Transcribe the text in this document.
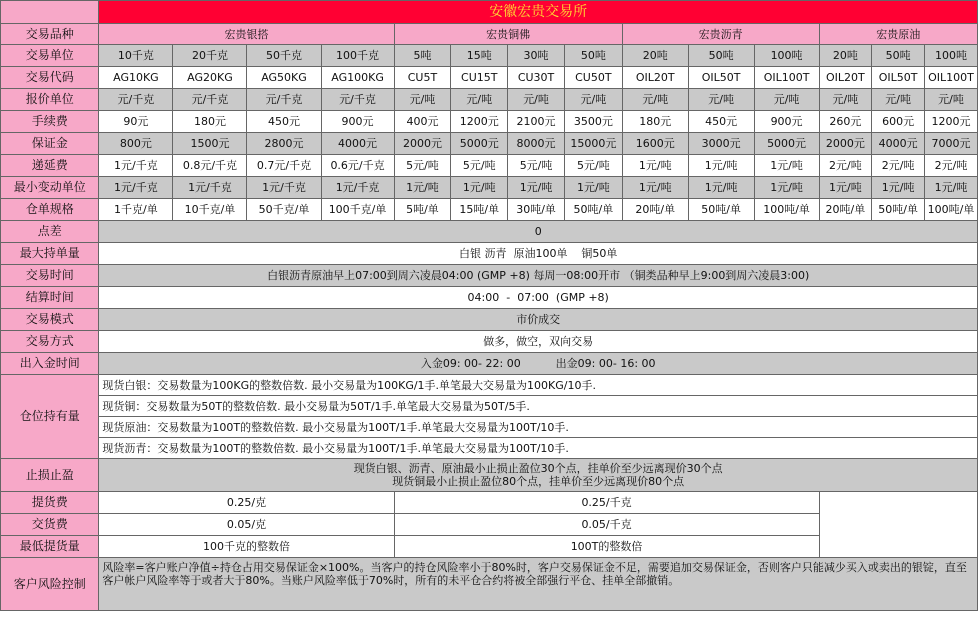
	安徽宏贵交易所													
交易品种	宏贵银搭				宏贵铜佛				宏贵沥青			宏贵原油		
交易单位	10千克	20千克	50千克	100千克	5吨	15吨	30吨	50吨	20吨	50吨	100吨	20吨	50吨	100吨
交易代码	AG10KG	AG20KG	AG50KG	AG100KG	CU5T	CU15T	CU30T	CU50T	OIL20T	OIL50T	OIL100T	OIL20T	OIL50T	OIL100T
报价单位	元/千克	元/千克	元/千克	元/千克	元/吨	元/吨	元/吨	元/吨	元/吨	元/吨	元/吨	元/吨	元/吨	元/吨
手续费	90元	180元	450元	900元	400元	1200元	2100元	3500元	180元	450元	900元	260元	600元	1200元
保证金	800元	1500元	2800元	4000元	2000元	5000元	8000元	15000元	1600元	3000元	5000元	2000元	4000元	7000元
递延费	1元/千克	0.8元/千克	0.7元/千克	0.6元/千克	5元/吨	5元/吨	5元/吨	5元/吨	1元/吨	1元/吨	1元/吨	2元/吨	2元/吨	2元/吨
最小变动单位	1元/千克	1元/千克	1元/千克	1元/千克	1元/吨	1元/吨	1元/吨	1元/吨	1元/吨	1元/吨	1元/吨	1元/吨	1元/吨	1元/吨
仓单规格	1千克/单	10千克/单	50千克/单	100千克/单	5吨/单	15吨/单	30吨/单	50吨/单	20吨/单	50吨/单	100吨/单	20吨/单	50吨/单	100吨/单
点差	0													
最大持单量	白银 沥青  原油100单    铜50单													
交易时间	白银沥青原油早上07:00到周六凌晨04:00 (GMP +8) 每周一08:00开市 （铜类品种早上9:00到周六凌晨3:00)													
结算时间	04:00  -  07:00  (GMP +8)													
交易模式	市价成交													
交易方式	做多，做空，双向交易													
出入金时间	入金09: 00- 22: 00          出金09: 00- 16: 00													
仓位持有量	现货白银：交易数量为100KG的整数倍数. 最小交易量为100KG/1手.单笔最大交易量为100KG/10手.													
	现货铜：交易数量为50T的整数倍数. 最小交易量为50T/1手.单笔最大交易量为50T/5手.													
	现货原油：交易数量为100T的整数倍数. 最小交易量为100T/1手.单笔最大交易量为100T/10手.													
	现货沥青：交易数量为100T的整数倍数. 最小交易量为100T/1手.单笔最大交易量为100T/10手.													
止损止盈	现货白银、沥青、原油最小止损止盈位30个点，挂单价至少远离现价30个点
现货铜最小止损止盈位80个点，挂单价至少远离现价80个点													

提货费	0.25/克				0.25/千克									
交货费	0.05/克				0.05/千克									
最低提货量	100千克的整数倍				100T的整数倍									
客户风险控制	风险率=客户账户净值÷持仓占用交易保证金×100%。当客户的持仓风险率小于80%时，客户交易保证金不足，需要追加交易保证金，否则客户只能减少买入或卖出的银锭，直至客户帐户风险率等于或者大于80%。当账户风险率低于70%时，所有的未平仓合约将被全部强行平仓、挂单全部撤销。													
